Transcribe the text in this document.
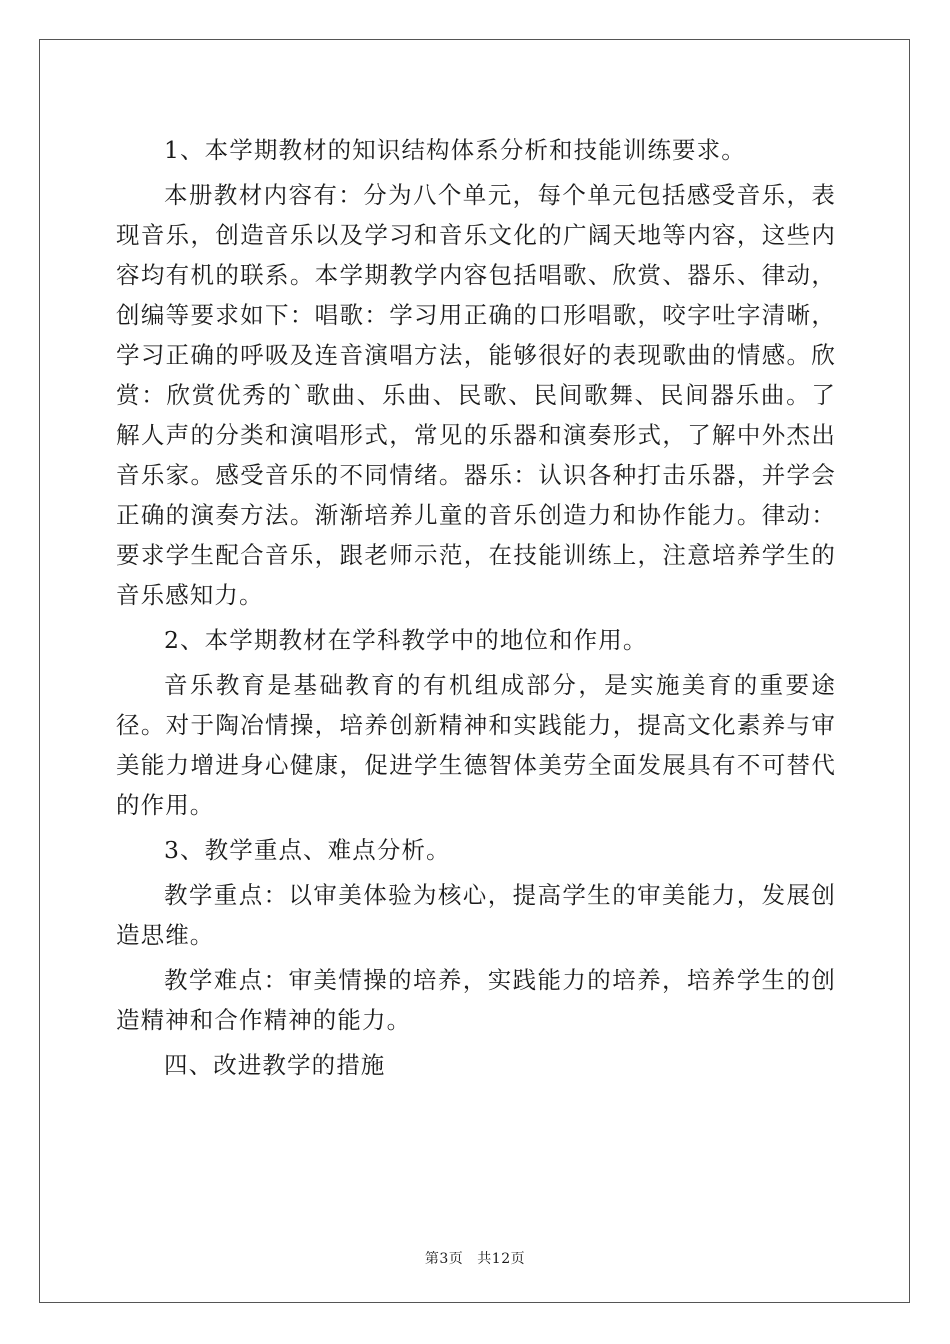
1、本学期教材的知识结构体系分析和技能训练要求。

本册教材内容有：分为八个单元，每个单元包括感受音乐，表现音乐，创造音乐以及学习和音乐文化的广阔天地等内容，这些内容均有机的联系。本学期教学内容包括唱歌、欣赏、器乐、律动，创编等要求如下：唱歌：学习用正确的口形唱歌，咬字吐字清晰，学习正确的呼吸及连音演唱方法，能够很好的表现歌曲的情感。欣赏：欣赏优秀的`歌曲、乐曲、民歌、民间歌舞、民间器乐曲。了解人声的分类和演唱形式，常见的乐器和演奏形式，了解中外杰出音乐家。感受音乐的不同情绪。器乐：认识各种打击乐器，并学会正确的演奏方法。渐渐培养儿童的音乐创造力和协作能力。律动：要求学生配合音乐，跟老师示范，在技能训练上，注意培养学生的音乐感知力。

2、本学期教材在学科教学中的地位和作用。

音乐教育是基础教育的有机组成部分，是实施美育的重要途径。对于陶冶情操，培养创新精神和实践能力，提高文化素养与审美能力增进身心健康，促进学生德智体美劳全面发展具有不可替代的作用。

3、教学重点、难点分析。

教学重点：以审美体验为核心，提高学生的审美能力，发展创造思维。

教学难点：审美情操的培养，实践能力的培养，培养学生的创造精神和合作精神的能力。

四、改进教学的措施

第3页 共12页
